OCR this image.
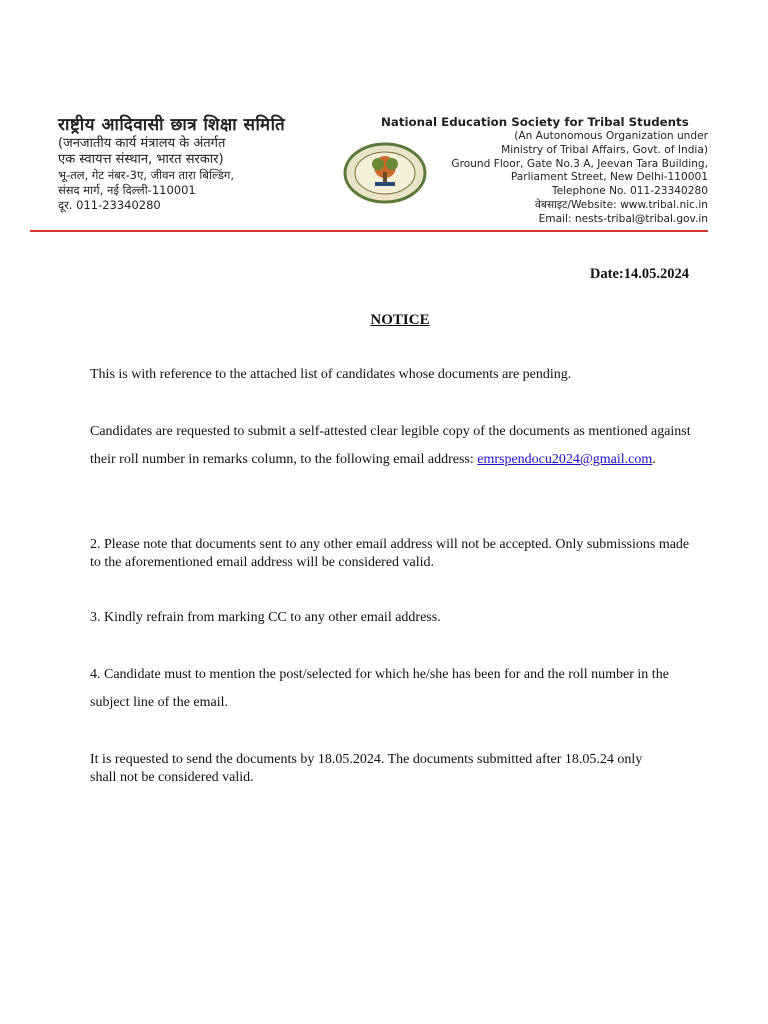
राष्ट्रीय आदिवासी छात्र शिक्षा समिति
(जनजातीय कार्य मंत्रालय के अंतर्गत
एक स्वायत्त संस्थान, भारत सरकार)
भू-तल, गेट नंबर-3ए, जीवन तारा बिल्डिंग,
संसद मार्ग, नई दिल्ली-110001
दूर. 011-23340280
National Education Society for Tribal Students
(An Autonomous Organization under
Ministry of Tribal Affairs, Govt. of India)
Ground Floor, Gate No.3 A, Jeevan Tara Building,
Parliament Street, New Delhi-110001
Telephone No. 011-23340280
वेबसाइट/Website: www.tribal.nic.in
Email: nests-tribal@tribal.gov.in
Date:14.05.2024
NOTICE
This is with reference to the attached list of candidates whose documents are pending.
Candidates are requested to submit a self-attested clear legible copy of the documents as mentioned against their roll number in remarks column, to the following email address: emrspendocu2024@gmail.com.
2. Please note that documents sent to any other email address will not be accepted. Only submissions made to the aforementioned email address will be considered valid.
3. Kindly refrain from marking CC to any other email address.
4. Candidate must to mention the post/selected for which he/she has been for and the roll number in the subject line of the email.
It is requested to send the documents by 18.05.2024. The documents submitted after 18.05.24 only shall not be considered valid.
